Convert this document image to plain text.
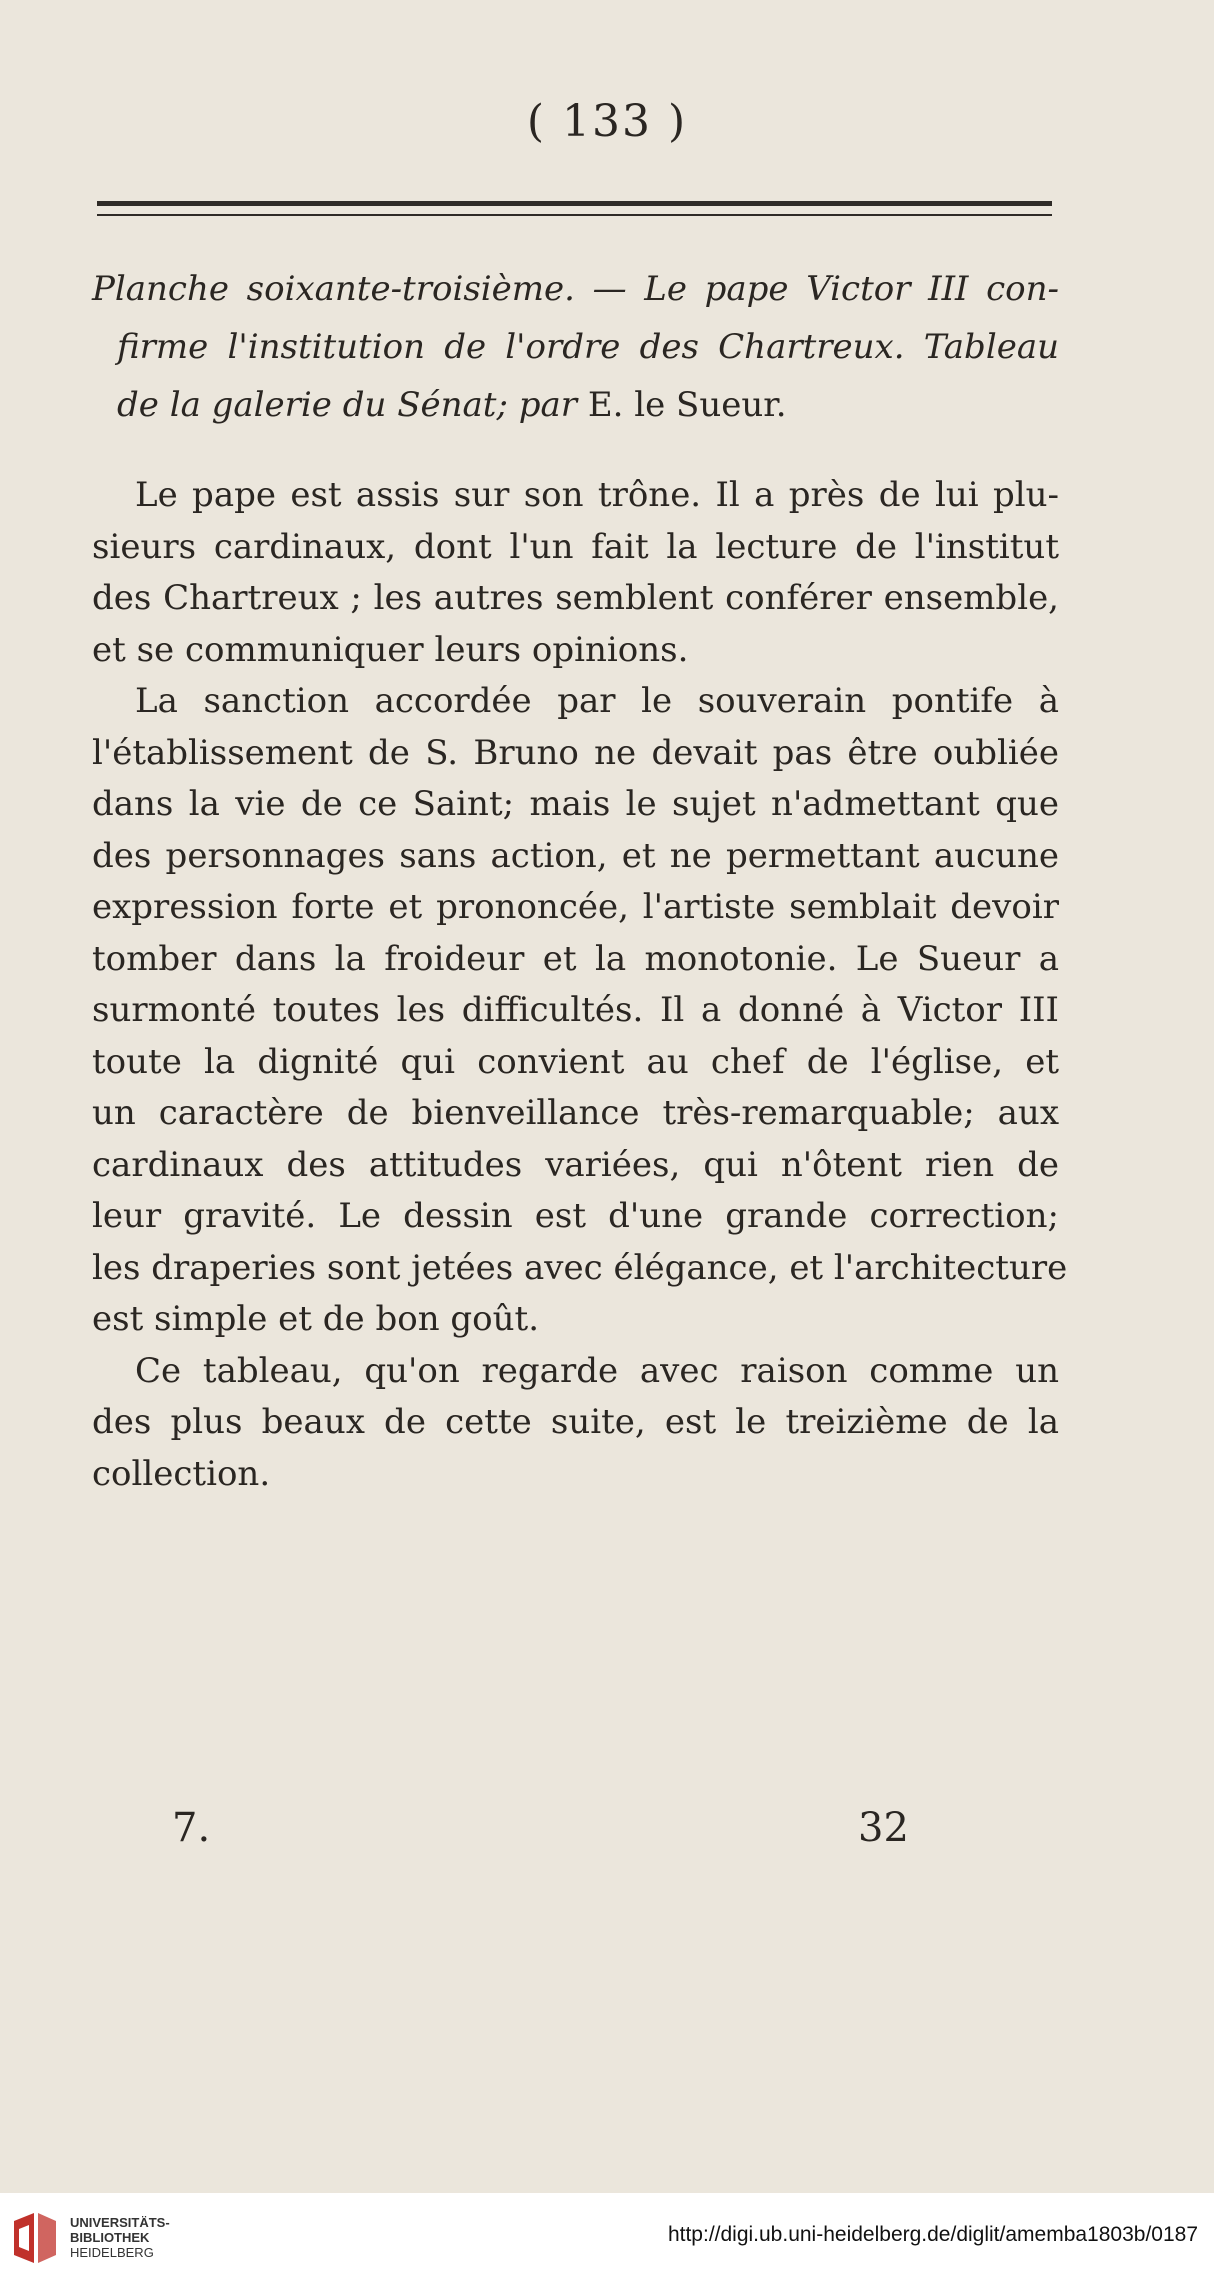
( 133 )
Planche soixante-troisième. — Le pape Victor III con-
firme l'institution de l'ordre des Chartreux. Tableau
de la galerie du Sénat; par E. le Sueur.
Le pape est assis sur son trône. Il a près de lui plu-
sieurs cardinaux, dont l'un fait la lecture de l'institut
des Chartreux ; les autres semblent conférer ensemble,
et se communiquer leurs opinions.
La sanction accordée par le souverain pontife à
l'établissement de S. Bruno ne devait pas être oubliée
dans la vie de ce Saint; mais le sujet n'admettant que
des personnages sans action, et ne permettant aucune
expression forte et prononcée, l'artiste semblait devoir
tomber dans la froideur et la monotonie. Le Sueur a
surmonté toutes les difficultés. Il a donné à Victor III
toute la dignité qui convient au chef de l'église, et
un caractère de bienveillance très-remarquable; aux
cardinaux des attitudes variées, qui n'ôtent rien de
leur gravité. Le dessin est d'une grande correction;
les draperies sont jetées avec élégance, et l'architecture
est simple et de bon goût.
Ce tableau, qu'on regarde avec raison comme un
des plus beaux de cette suite, est le treizième de la
collection.
7.	32
UNIVERSITÄTS-
BIBLIOTHEK
HEIDELBERG
http://digi.ub.uni-heidelberg.de/diglit/amemba1803b/0187
